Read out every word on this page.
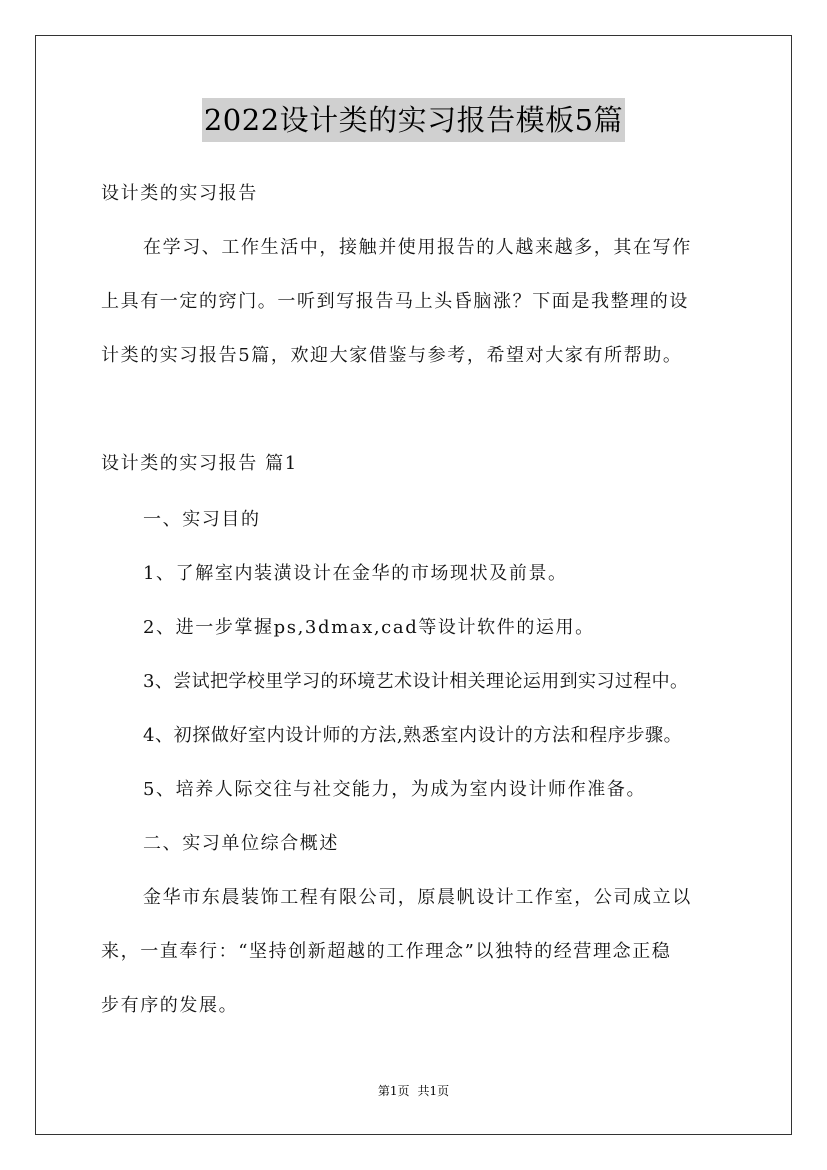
2022设计类的实习报告模板5篇
设计类的实习报告
在学习、工作生活中，接触并使用报告的人越来越多，其在写作
上具有一定的窍门。一听到写报告马上头昏脑涨？下面是我整理的设
计类的实习报告5篇，欢迎大家借鉴与参考，希望对大家有所帮助。
设计类的实习报告 篇1
一、实习目的
1、了解室内装潢设计在金华的市场现状及前景。
2、进一步掌握ps,3dmax,cad等设计软件的运用。
3、尝试把学校里学习的环境艺术设计相关理论运用到实习过程中。
4、初探做好室内设计师的方法,熟悉室内设计的方法和程序步骤。
5、培养人际交往与社交能力，为成为室内设计师作准备。
二、实习单位综合概述
金华市东晨装饰工程有限公司，原晨帆设计工作室，公司成立以
来，一直奉行：“坚持创新超越的工作理念”以独特的经营理念正稳
步有序的发展。
第1页 共1页
